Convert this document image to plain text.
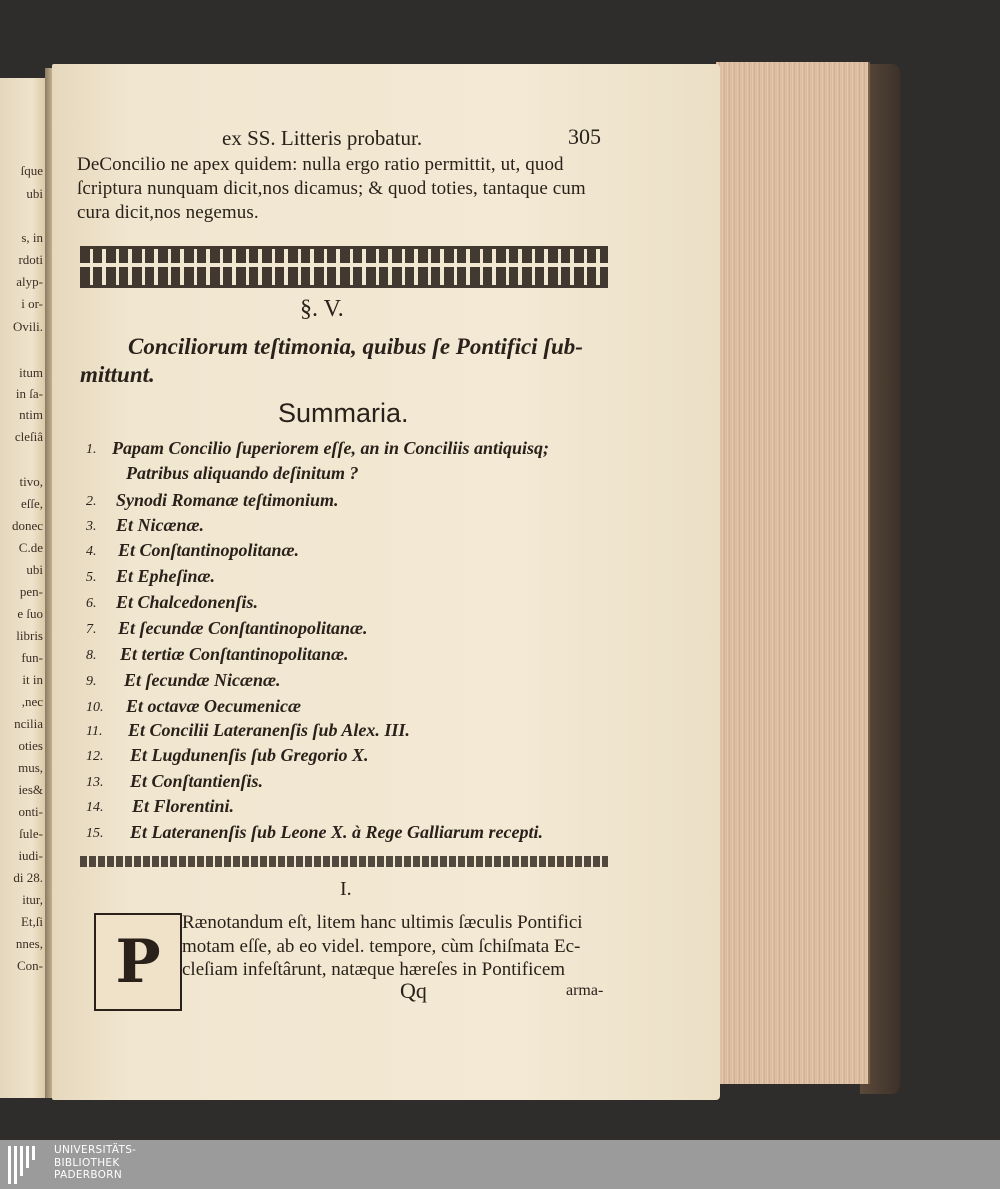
ſque
ubi
s, in
rdoti
alyp-
i or-
Ovili.
itum
in ſa-
ntim
cleſiâ
tivo,
eſſe,
donec
C.de
ubi
pen-
e ſuo
libris
fun-
it in
,nec
ncilia
oties
mus,
ies&
onti-
ſule-
iudi-
di 28.
itur,
Et,ſi
nnes,
Con-
ex SS. Litteris probatur.	305
DeConcilio ne apex quidem: nulla ergo ratio permittit, ut, quod
ſcriptura nunquam dicit,nos dicamus; & quod toties, tantaque cum
cura dicit,nos negemus.
§. V.
Conciliorum teſtimonia, quibus ſe Pontifici ſub-
mittunt.
Summaria.
1. Papam Concilio ſuperiorem eſſe, an in Conciliis antiquisq;
Patribus aliquando deſinitum ?
2. Synodi Romanæ teſtimonium.
3. Et Nicænæ.
4. Et Conſtantinopolitanæ.
5. Et Epheſinæ.
6. Et Chalcedonenſis.
7. Et ſecundæ Conſtantinopolitanæ.
8. Et tertiæ Conſtantinopolitanæ.
9. Et ſecundæ Nicænæ.
10. Et octavæ Oecumenicæ
11. Et Concilii Lateranenſis ſub Alex. III.
12. Et Lugdunenſis ſub Gregorio X.
13. Et Conſtantienſis.
14. Et Florentini.
15. Et Lateranenſis ſub Leone X. à Rege Galliarum recepti.
I.
P
Rænotandum eſt, litem hanc ultimis ſæculis Pontifici
motam eſſe, ab eo videl. tempore, cùm ſchiſmata Ec-
cleſiam infeſtârunt, natæque hæreſes in Pontificem
Qq	arma-
UNIVERSITÄTS-
BIBLIOTHEK
PADERBORN
